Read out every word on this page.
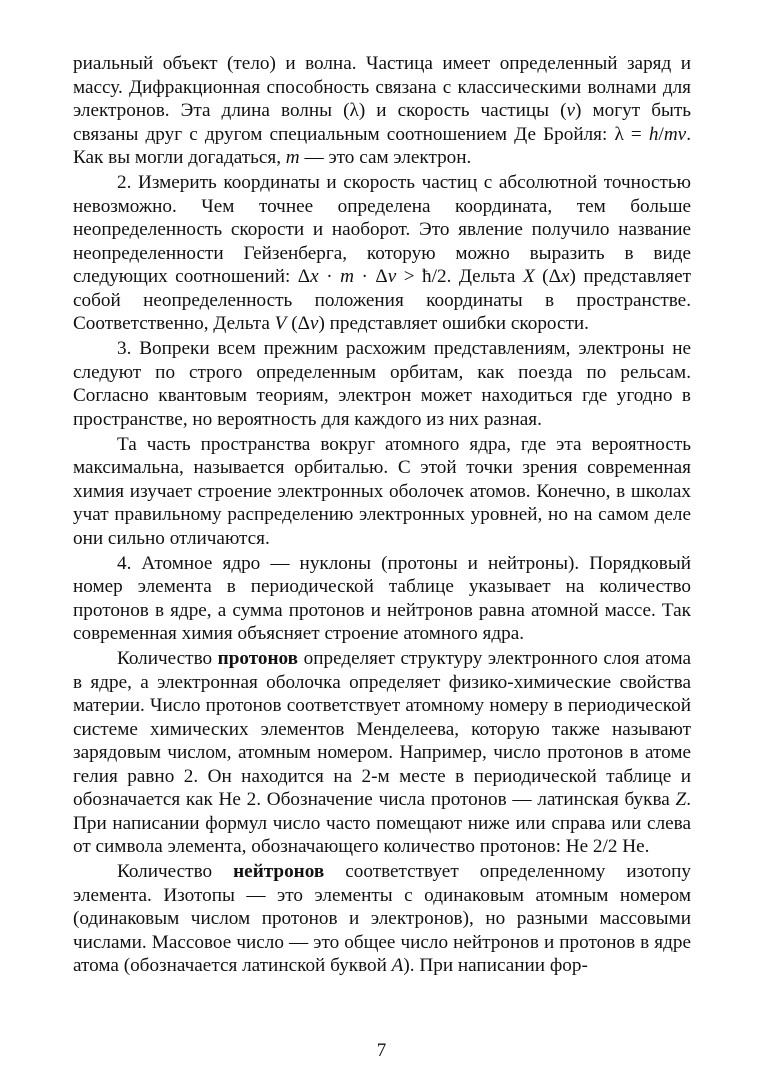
риальный объект (тело) и волна. Частица имеет определенный заряд и массу. Дифракционная способность связана с классическими волнами для электронов. Эта длина волны (λ) и скорость частицы (v) могут быть связаны друг с другом специальным соотношением Де Бройля: λ = h/mv. Как вы могли догадаться, m — это сам электрон.

2. Измерить координаты и скорость частиц с абсолютной точностью невозможно. Чем точнее определена координата, тем больше неопределенность скорости и наоборот. Это явление получило название неопределенности Гейзенберга, которую можно выразить в виде следующих соотношений: Δx · m · Δv > ħ/2. Дельта X (Δx) представляет собой неопределенность положения координаты в пространстве. Соответственно, Дельта V (Δv) представляет ошибки скорости.

3. Вопреки всем прежним расхожим представлениям, электроны не следуют по строго определенным орбитам, как поезда по рельсам. Согласно квантовым теориям, электрон может находиться где угодно в пространстве, но вероятность для каждого из них разная.

Та часть пространства вокруг атомного ядра, где эта вероятность максимальна, называется орбиталью. С этой точки зрения современная химия изучает строение электронных оболочек атомов. Конечно, в школах учат правильному распределению электронных уровней, но на самом деле они сильно отличаются.

4. Атомное ядро — нуклоны (протоны и нейтроны). Порядковый номер элемента в периодической таблице указывает на количество протонов в ядре, а сумма протонов и нейтронов равна атомной массе. Так современная химия объясняет строение атомного ядра.

Количество протонов определяет структуру электронного слоя атома в ядре, а электронная оболочка определяет физико-химические свойства материи. Число протонов соответствует атомному номеру в периодической системе химических элементов Менделеева, которую также называют зарядовым числом, атомным номером. Например, число протонов в атоме гелия равно 2. Он находится на 2-м месте в периодической таблице и обозначается как He 2. Обозначение числа протонов — латинская буква Z. При написании формул число часто помещают ниже или справа или слева от символа элемента, обозначающего количество протонов: He 2/2 He.

Количество нейтронов соответствует определенному изотопу элемента. Изотопы — это элементы с одинаковым атомным номером (одинаковым числом протонов и электронов), но разными массовыми числами. Массовое число — это общее число нейтронов и протонов в ядре атома (обозначается латинской буквой A). При написании фор-

7
